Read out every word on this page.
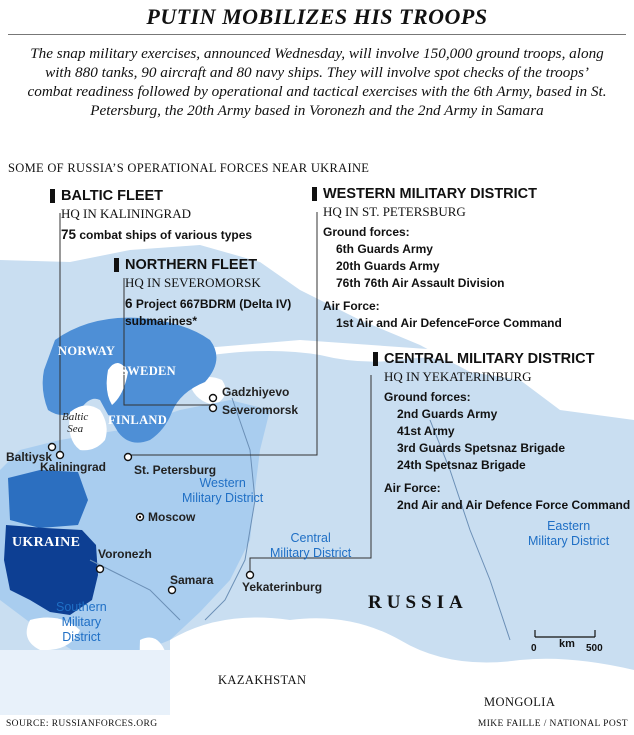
PUTIN MOBILIZES HIS TROOPS
The snap military exercises, announced Wednesday, will involve 150,000 ground troops, along with 880 tanks, 90 aircraft and 80 navy ships. They will involve spot checks of the troops’ combat readiness followed by operational and tactical exercises with the 6th Army, based in St. Petersburg, the 20th Army based in Voronezh and the 2nd Army in Samara
SOME OF RUSSIA’S OPERATIONAL FORCES NEAR UKRAINE
BALTIC FLEET
HQ IN KALININGRAD
75 combat ships of various types
NORTHERN FLEET
HQ IN SEVEROMORSK
6 Project 667BDRM (Delta IV)
submarines*
WESTERN MILITARY DISTRICT
HQ IN ST. PETERSBURG
Ground forces:
6th Guards Army
20th Guards Army
76th 76th Air Assault Division
Air Force:
1st Air and Air DefenceForce Command
CENTRAL MILITARY DISTRICT
HQ IN YEKATERINBURG
Ground forces:
2nd Guards Army
41st Army
3rd Guards Spetsnaz Brigade
24th Spetsnaz Brigade
Air Force:
2nd Air and Air Defence Force Command
NORWAY
SWEDEN
FINLAND
Baltic
Sea
UKRAINE
RUSSIA
KAZAKHSTAN
MONGOLIA
Western
Military District
Central
Military District
Eastern
Military District
Southern
Military
District
Gadzhiyevo
Severomorsk
Baltiysk
Kaliningrad St. Petersburg
Moscow
Voronezh
Samara Yekaterinburg
km
0	500
SOURCE: RUSSIANFORCES.ORG	MIKE FAILLE / NATIONAL POST
